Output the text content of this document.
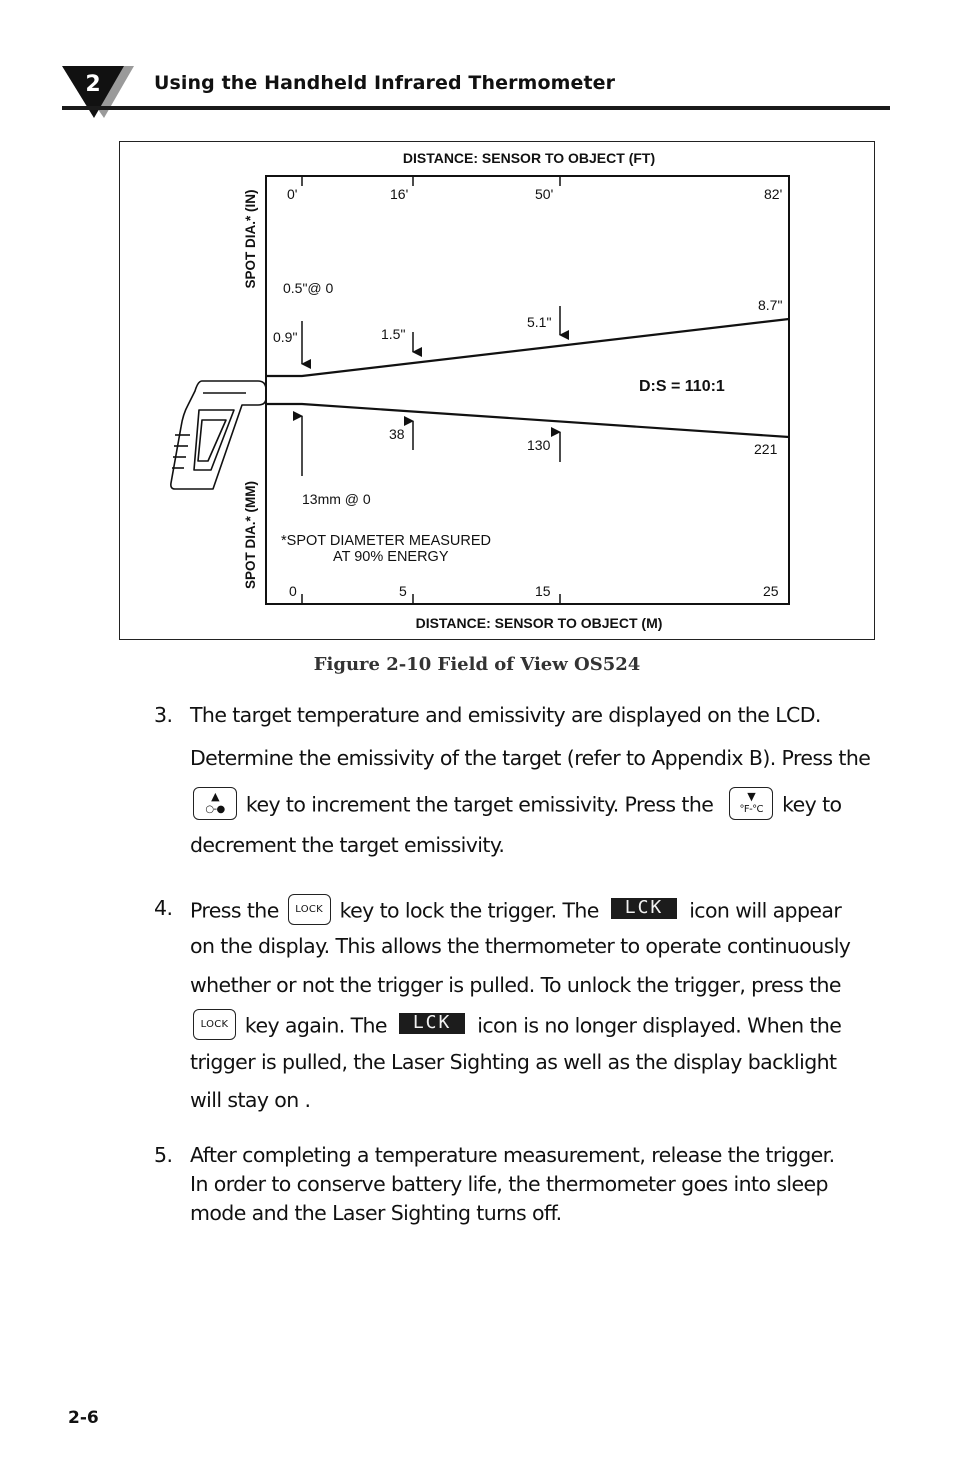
2	Using the Handheld Infrared Thermometer
DISTANCE: SENSOR TO OBJECT (FT)
DISTANCE: SENSOR TO OBJECT (M)
SPOT DIA.* (IN)
SPOT DIA.* (MM)
0'	16'	50'	82'
0	5	15	25
0.5"@ 0
0.9"	1.5"
5.1"
8.7"
13mm @ 0
38
130	221
D:S = 110:1
*SPOT DIAMETER MEASURED
AT 90% ENERGY
Figure 2-10 Field of View OS524
3. The target temperature and emissivity are displayed on the LCD.
Determine the emissivity of the target (refer to Appendix B). Press the
▲
○-●	key to increment the target emissivity. Press the	▼
°F-°C key to
decrement the target emissivity.
4. Press the LOCK key to lock the trigger. The LCK icon will appear
on the display. This allows the thermometer to operate continuously
whether or not the trigger is pulled. To unlock the trigger, press the
LOCK key again. The LCK icon is no longer displayed. When the
trigger is pulled, the Laser Sighting as well as the display backlight
will stay on .
5. After completing a temperature measurement, release the trigger.
In order to conserve battery life, the thermometer goes into sleep
mode and the Laser Sighting turns off.
2-6
